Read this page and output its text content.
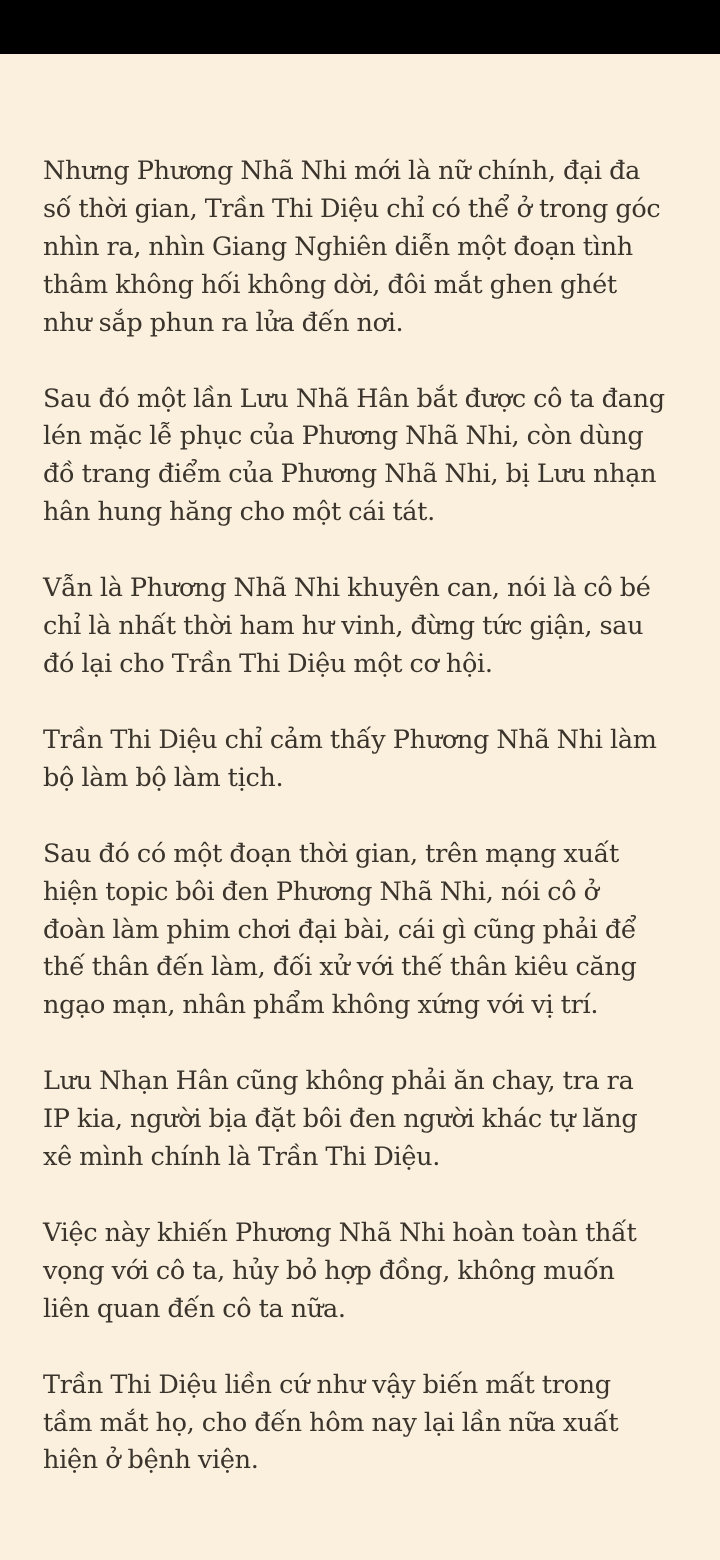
Nhưng Phương Nhã Nhi mới là nữ chính, đại đa
số thời gian, Trần Thi Diệu chỉ có thể ở trong góc
nhìn ra, nhìn Giang Nghiên diễn một đoạn tình
thâm không hối không dời, đôi mắt ghen ghét
như sắp phun ra lửa đến nơi.

Sau đó một lần Lưu Nhã Hân bắt được cô ta đang
lén mặc lễ phục của Phương Nhã Nhi, còn dùng
đồ trang điểm của Phương Nhã Nhi, bị Lưu nhạn
hân hung hăng cho một cái tát.

Vẫn là Phương Nhã Nhi khuyên can, nói là cô bé
chỉ là nhất thời ham hư vinh, đừng tức giận, sau
đó lại cho Trần Thi Diệu một cơ hội.

Trần Thi Diệu chỉ cảm thấy Phương Nhã Nhi làm
bộ làm bộ làm tịch.

Sau đó có một đoạn thời gian, trên mạng xuất
hiện topic bôi đen Phương Nhã Nhi, nói cô ở
đoàn làm phim chơi đại bài, cái gì cũng phải để
thế thân đến làm, đối xử với thế thân kiêu căng
ngạo mạn, nhân phẩm không xứng với vị trí.

Lưu Nhạn Hân cũng không phải ăn chay, tra ra
IP kia, người bịa đặt bôi đen người khác tự lăng
xê mình chính là Trần Thi Diệu.

Việc này khiến Phương Nhã Nhi hoàn toàn thất
vọng với cô ta, hủy bỏ hợp đồng, không muốn
liên quan đến cô ta nữa.

Trần Thi Diệu liền cứ như vậy biến mất trong
tầm mắt họ, cho đến hôm nay lại lần nữa xuất
hiện ở bệnh viện.
